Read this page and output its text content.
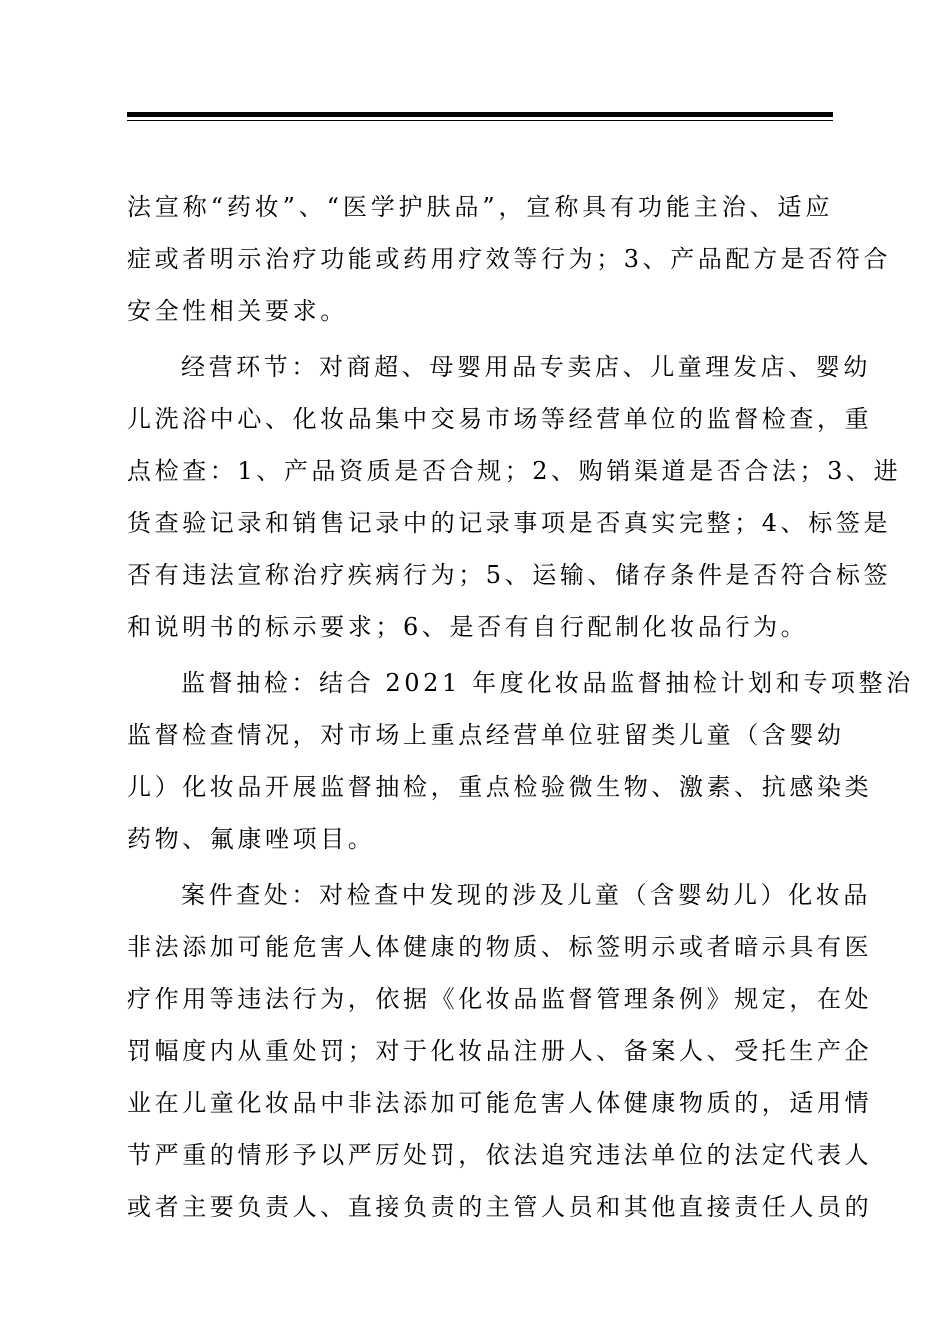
法宣称“药妆”、“医学护肤品”，宣称具有功能主治、适应
症或者明示治疗功能或药用疗效等行为；3、产品配方是否符合
安全性相关要求。
经营环节：对商超、母婴用品专卖店、儿童理发店、婴幼
儿洗浴中心、化妆品集中交易市场等经营单位的监督检查，重
点检查：1、产品资质是否合规；2、购销渠道是否合法；3、进
货查验记录和销售记录中的记录事项是否真实完整；4、标签是
否有违法宣称治疗疾病行为；5、运输、储存条件是否符合标签
和说明书的标示要求；6、是否有自行配制化妆品行为。
监督抽检：结合 2021 年度化妆品监督抽检计划和专项整治
监督检查情况，对市场上重点经营单位驻留类儿童（含婴幼
儿）化妆品开展监督抽检，重点检验微生物、激素、抗感染类
药物、氟康唑项目。
案件查处：对检查中发现的涉及儿童（含婴幼儿）化妆品
非法添加可能危害人体健康的物质、标签明示或者暗示具有医
疗作用等违法行为，依据《化妆品监督管理条例》规定，在处
罚幅度内从重处罚；对于化妆品注册人、备案人、受托生产企
业在儿童化妆品中非法添加可能危害人体健康物质的，适用情
节严重的情形予以严厉处罚，依法追究违法单位的法定代表人
或者主要负责人、直接负责的主管人员和其他直接责任人员的
